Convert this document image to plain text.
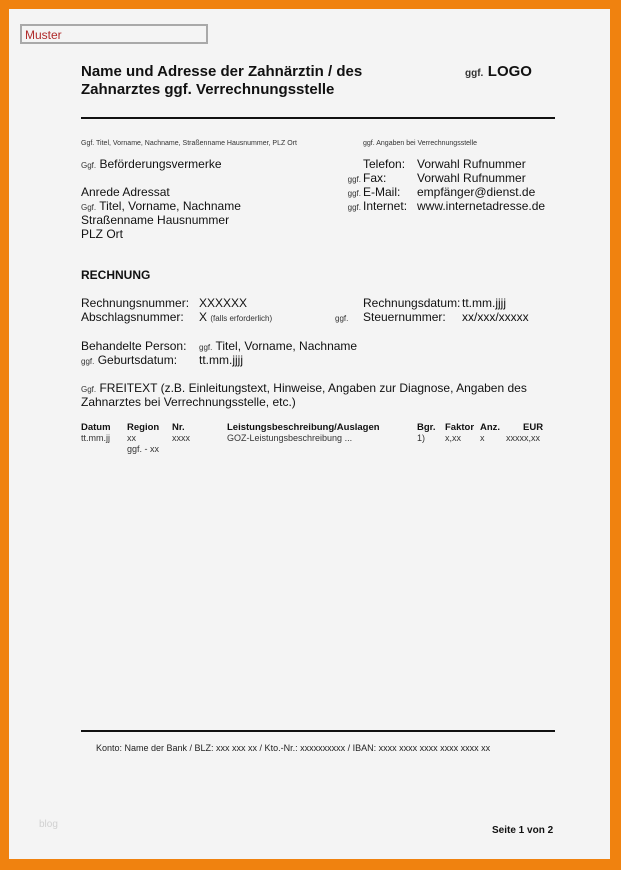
Muster
Name und Adresse der Zahnärztin / des
Zahnarztes ggf. Verrechnungsstelle
ggf. LOGO
Ggf. Titel, Vorname, Nachname, Straßenname Hausnummer, PLZ Ort	ggf. Angaben bei Verrechnungsstelle
Ggf. Beförderungsvermerke
Anrede Adressat
Ggf. Titel, Vorname, Nachname
Straßenname Hausnummer
PLZ Ort
Telefon: Vorwahl Rufnummer
ggf. Fax:	Vorwahl Rufnummer
ggf. E-Mail: empfänger@dienst.de
ggf. Internet: www.internetadresse.de
RECHNUNG
Rechnungsnummer: XXXXXX	Rechnungsdatum: tt.mm.jjjj
Abschlagsnummer: X (falls erforderlich)	ggf. Steuernummer: xx/xxx/xxxxx
Behandelte Person: ggf. Titel, Vorname, Nachname
ggf. Geburtsdatum: tt.mm.jjjj
Ggf. FREITEXT (z.B. Einleitungstext, Hinweise, Angaben zur Diagnose, Angaben des
Zahnarztes bei Verrechnungsstelle, etc.)
Datum Region Nr.	Leistungsbeschreibung/Auslagen	Bgr. Faktor Anz. EUR
tt.mm.jj xx	xxxx	GOZ-Leistungsbeschreibung ...	1) x,xx x xxxxx,xx
ggf. - xx
Konto: Name der Bank / BLZ: xxx xxx xx / Kto.-Nr.: xxxxxxxxxx / IBAN: xxxx xxxx xxxx xxxx xxxx xx
blog
Seite 1 von 2
